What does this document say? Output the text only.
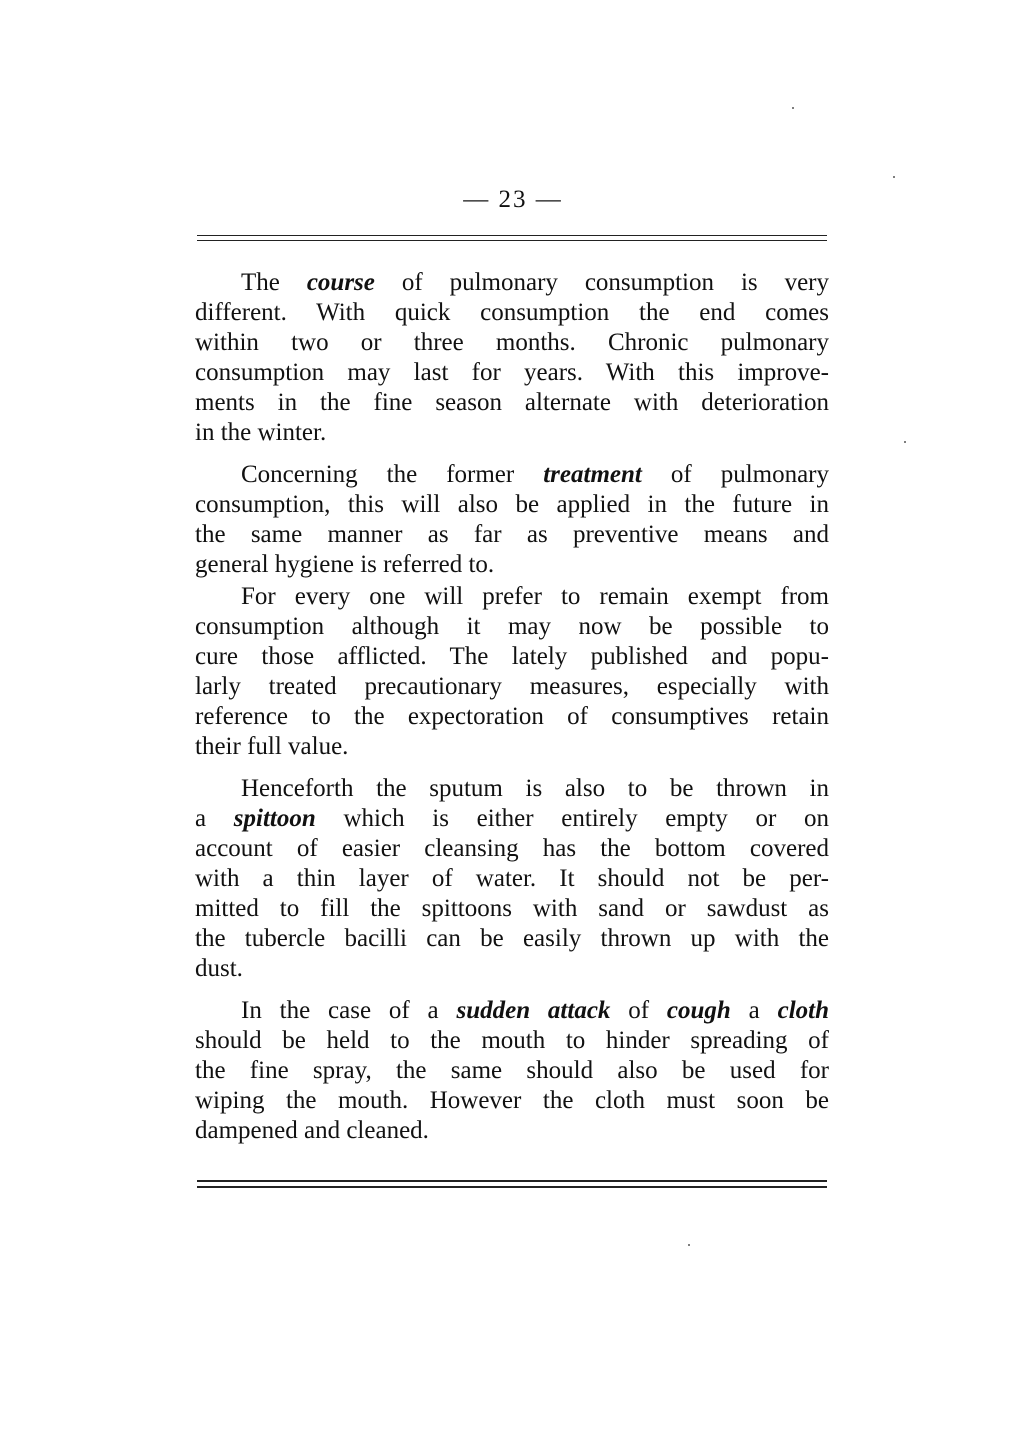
— 23 —
The course of pulmonary consumption is very
different. With quick consumption the end comes
within two or three months. Chronic pulmonary
consumption may last for years. With this improve-
ments in the fine season alternate with deterioration
in the winter.
Concerning the former treatment of pulmonary
consumption, this will also be applied in the future in
the same manner as far as preventive means and
general hygiene is referred to.
For every one will prefer to remain exempt from
consumption although it may now be possible to
cure those afflicted. The lately published and popu-
larly treated precautionary measures, especially with
reference to the expectoration of consumptives retain
their full value.
Henceforth the sputum is also to be thrown in
a spittoon which is either entirely empty or on
account of easier cleansing has the bottom covered
with a thin layer of water. It should not be per-
mitted to fill the spittoons with sand or sawdust as
the tubercle bacilli can be easily thrown up with the
dust.
In the case of a sudden attack of cough a cloth
should be held to the mouth to hinder spreading of
the fine spray, the same should also be used for
wiping the mouth. However the cloth must soon be
dampened and cleaned.
